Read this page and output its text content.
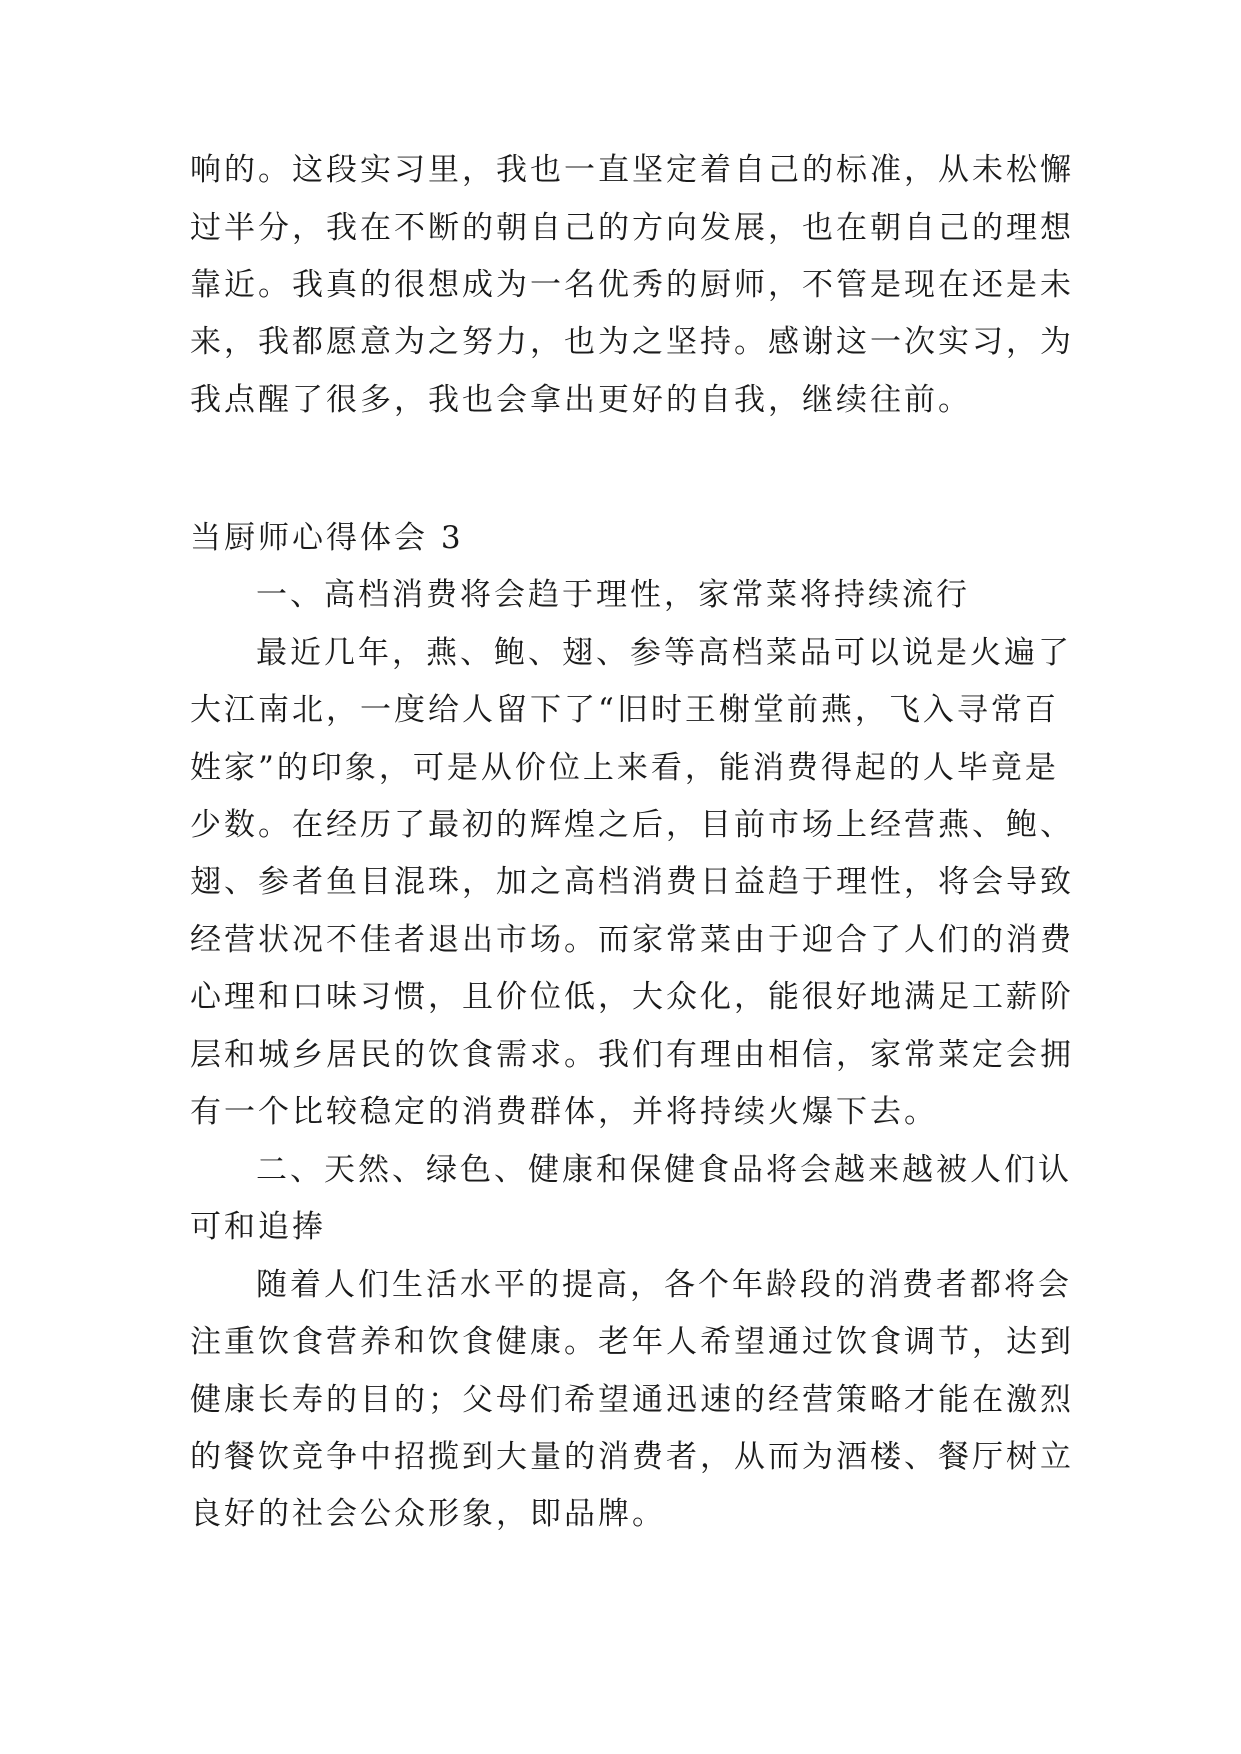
响的。这段实习里，我也一直坚定着自己的标准，从未松懈
过半分，我在不断的朝自己的方向发展，也在朝自己的理想
靠近。我真的很想成为一名优秀的厨师，不管是现在还是未
来，我都愿意为之努力，也为之坚持。感谢这一次实习，为
我点醒了很多，我也会拿出更好的自我，继续往前。
当厨师心得体会 3
一、高档消费将会趋于理性，家常菜将持续流行
最近几年，燕、鲍、翅、参等高档菜品可以说是火遍了
大江南北，一度给人留下了“旧时王榭堂前燕，飞入寻常百
姓家”的印象，可是从价位上来看，能消费得起的人毕竟是
少数。在经历了最初的辉煌之后，目前市场上经营燕、鲍、
翅、参者鱼目混珠，加之高档消费日益趋于理性，将会导致
经营状况不佳者退出市场。而家常菜由于迎合了人们的消费
心理和口味习惯，且价位低，大众化，能很好地满足工薪阶
层和城乡居民的饮食需求。我们有理由相信，家常菜定会拥
有一个比较稳定的消费群体，并将持续火爆下去。
二、天然、绿色、健康和保健食品将会越来越被人们认
可和追捧
随着人们生活水平的提高，各个年龄段的消费者都将会
注重饮食营养和饮食健康。老年人希望通过饮食调节，达到
健康长寿的目的；父母们希望通迅速的经营策略才能在激烈
的餐饮竞争中招揽到大量的消费者，从而为酒楼、餐厅树立
良好的社会公众形象，即品牌。
